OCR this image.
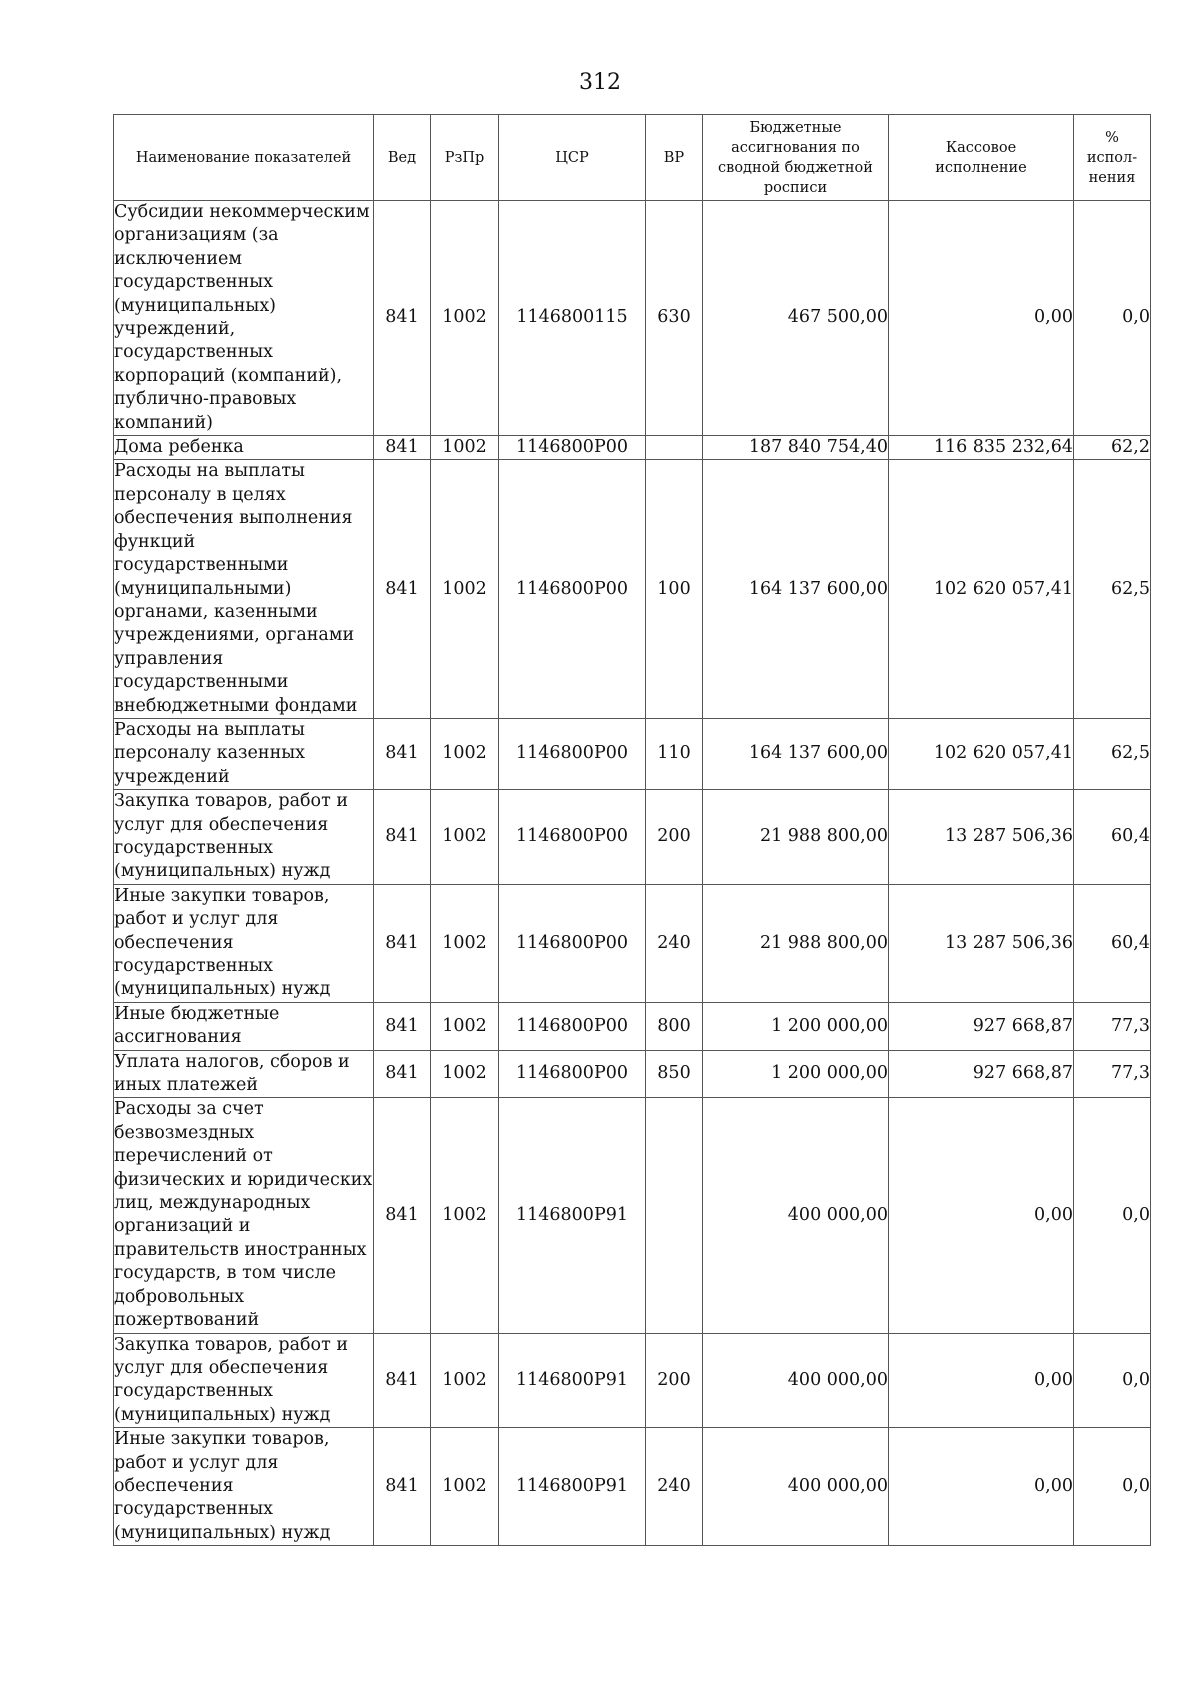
312
Наименование показателей	Вед	РзПр	ЦСР	ВР	Бюджетные ассигнования по сводной бюджетной росписи	Кассовое исполнение	% испол-нения
Субсидии некоммерческим организациям (за исключением государственных (муниципальных) учреждений, государственных корпораций (компаний), публично-правовых компаний)	841	1002	1146800115	630	467 500,00	0,00	0,0
Дома ребенка	841	1002	1146800Р00		187 840 754,40	116 835 232,64	62,2
Расходы на выплаты персоналу в целях обеспечения выполнения функций государственными (муниципальными) органами, казенными учреждениями, органами управления государственными внебюджетными фондами	841	1002	1146800Р00	100	164 137 600,00	102 620 057,41	62,5
Расходы на выплаты персоналу казенных учреждений	841	1002	1146800Р00	110	164 137 600,00	102 620 057,41	62,5
Закупка товаров, работ и услуг для обеспечения государственных (муниципальных) нужд	841	1002	1146800Р00	200	21 988 800,00	13 287 506,36	60,4
Иные закупки товаров, работ и услуг для обеспечения государственных (муниципальных) нужд	841	1002	1146800Р00	240	21 988 800,00	13 287 506,36	60,4
Иные бюджетные ассигнования	841	1002	1146800Р00	800	1 200 000,00	927 668,87	77,3
Уплата налогов, сборов и иных платежей	841	1002	1146800Р00	850	1 200 000,00	927 668,87	77,3
Расходы за счет безвозмездных перечислений от физических и юридических лиц, международных организаций и правительств иностранных государств, в том числе добровольных пожертвований	841	1002	1146800Р91		400 000,00	0,00	0,0
Закупка товаров, работ и услуг для обеспечения государственных (муниципальных) нужд	841	1002	1146800Р91	200	400 000,00	0,00	0,0
Иные закупки товаров, работ и услуг для обеспечения государственных (муниципальных) нужд	841	1002	1146800Р91	240	400 000,00	0,00	0,0
